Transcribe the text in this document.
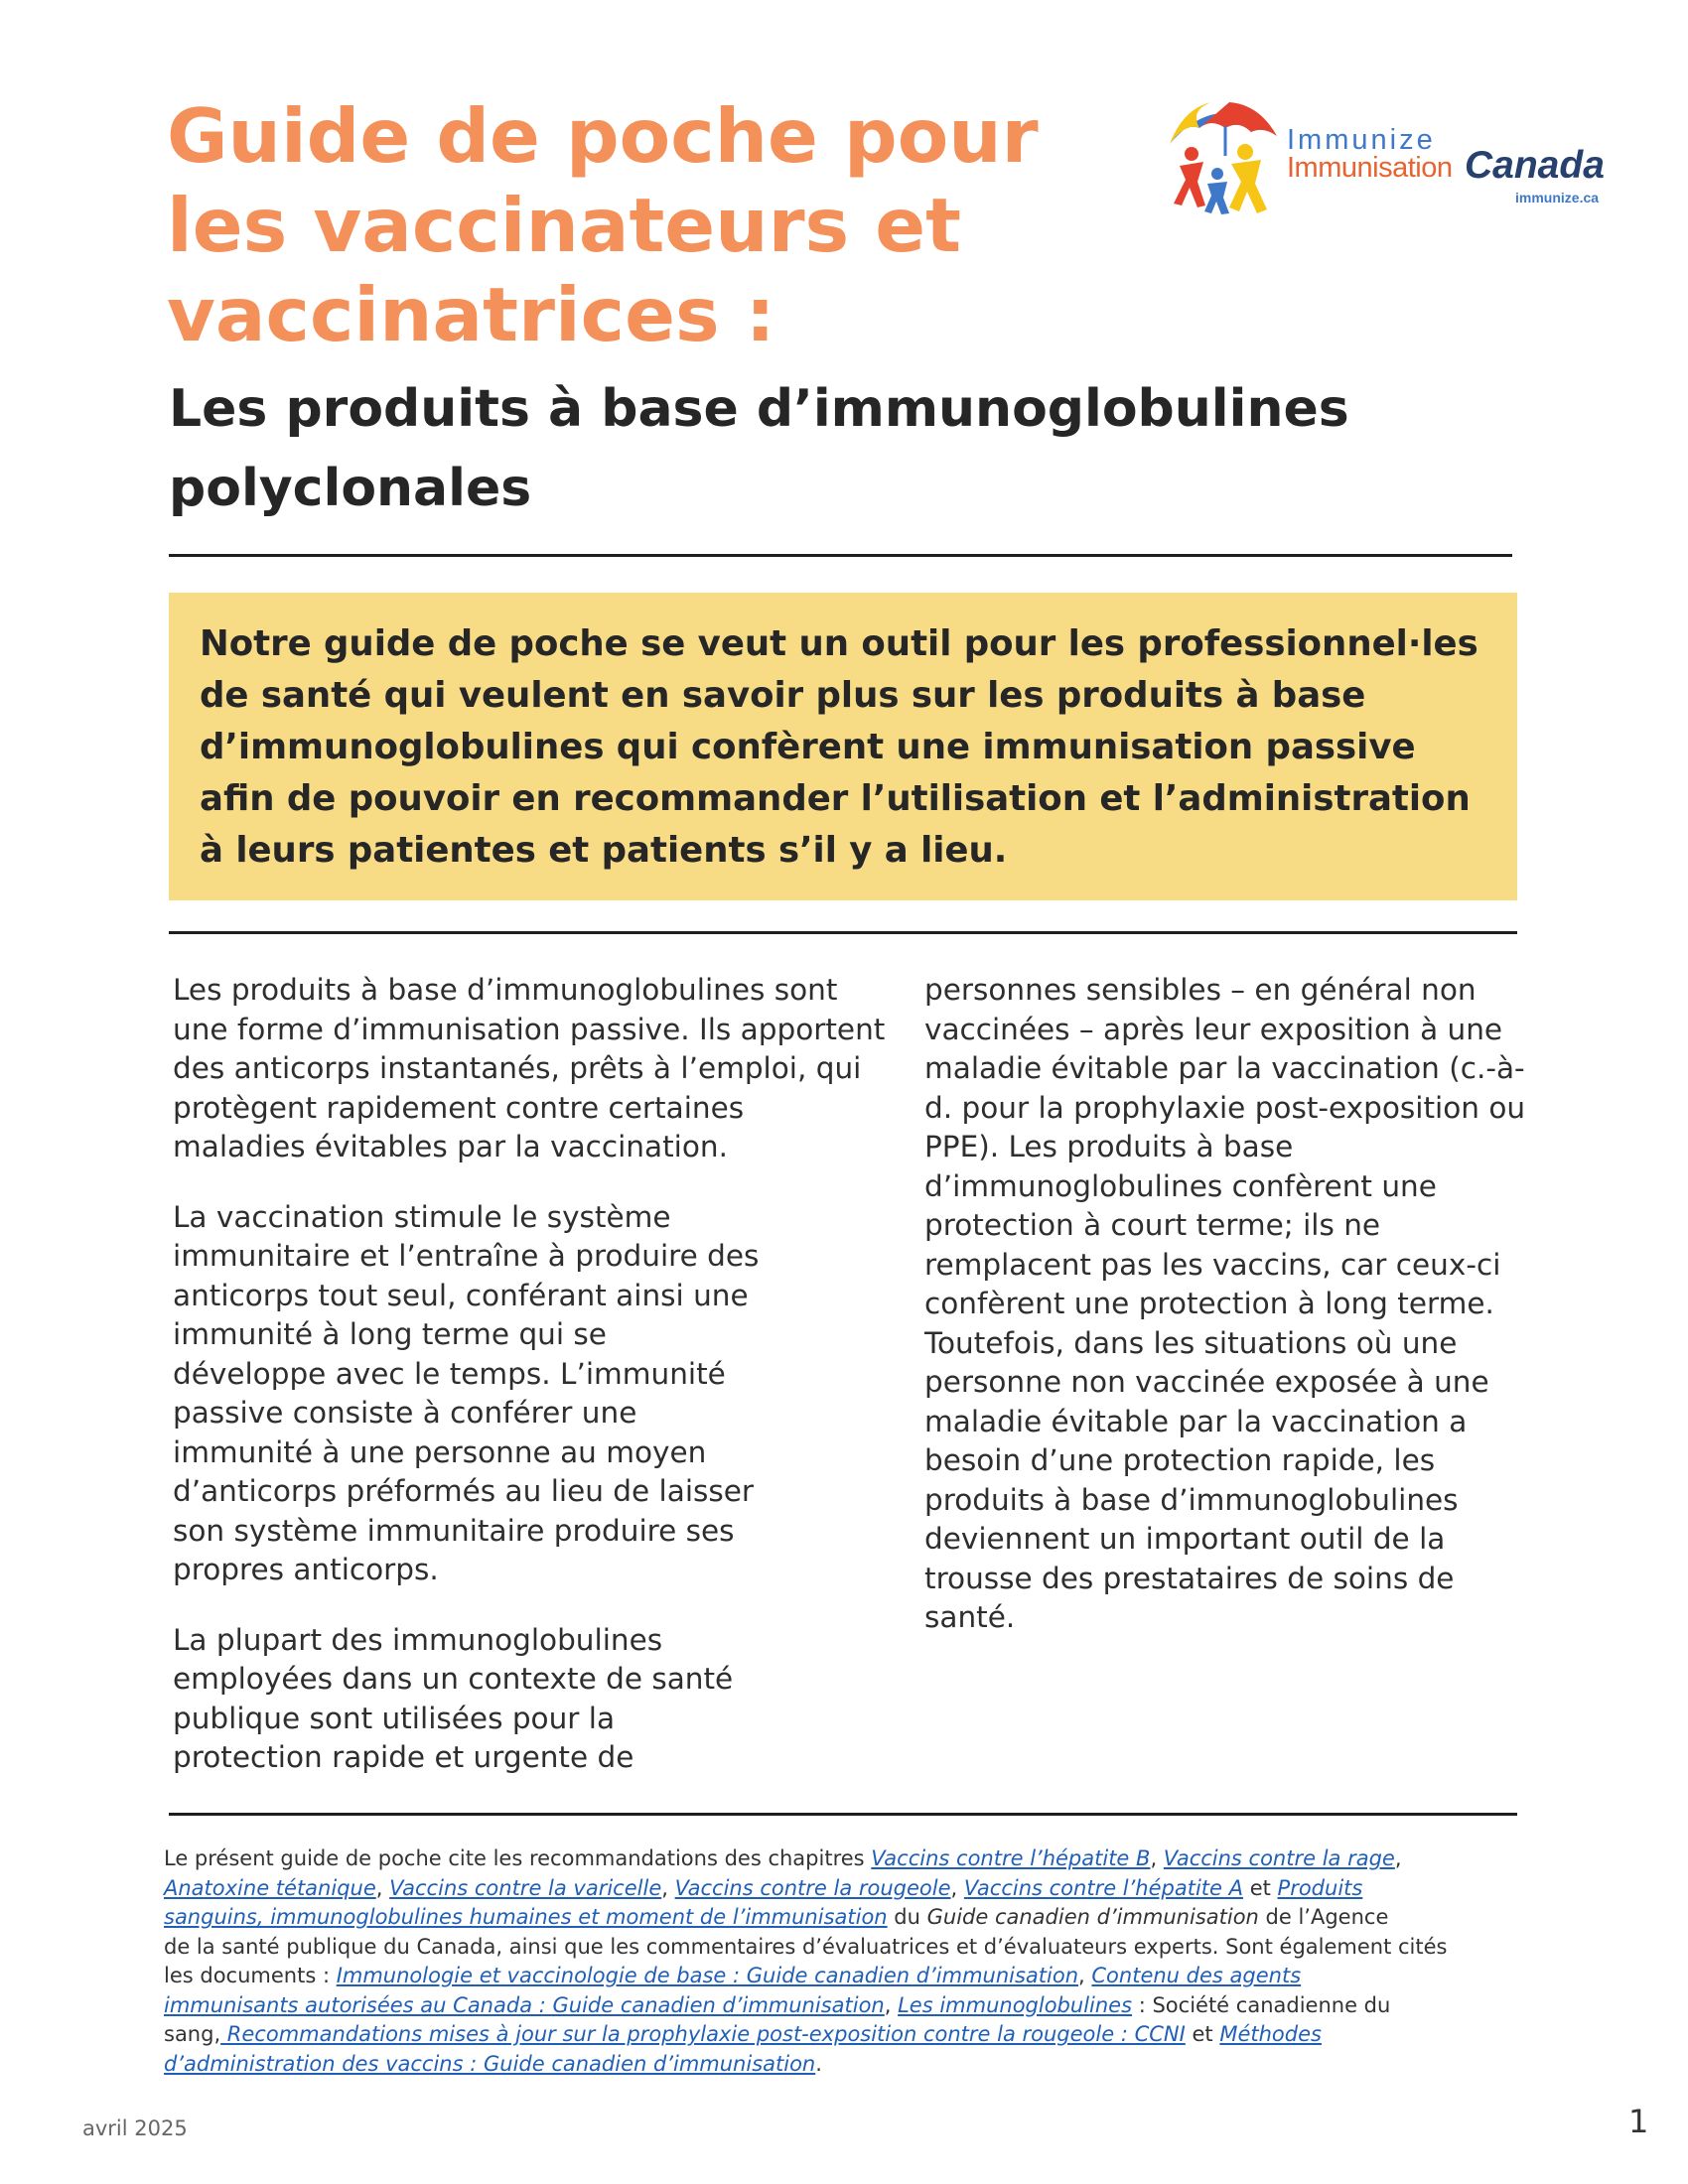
Guide de poche pour
les vaccinateurs et
vaccinatrices :
Immunize
Immunisation Canada
immunize.ca
Les produits à base d’immunoglobulines
polyclonales
Notre guide de poche se veut un outil pour les professionnel·les
de santé qui veulent en savoir plus sur les produits à base
d’immunoglobulines qui confèrent une immunisation passive
afin de pouvoir en recommander l’utilisation et l’administration
à leurs patientes et patients s’il y a lieu.
Les produits à base d’immunoglobulines sont
une forme d’immunisation passive. Ils apportent
des anticorps instantanés, prêts à l’emploi, qui
protègent rapidement contre certaines
maladies évitables par la vaccination.
La vaccination stimule le système
immunitaire et l’entraîne à produire des
anticorps tout seul, conférant ainsi une
immunité à long terme qui se
développe avec le temps. L’immunité
passive consiste à conférer une
immunité à une personne au moyen
d’anticorps préformés au lieu de laisser
son système immunitaire produire ses
propres anticorps.
La plupart des immunoglobulines
employées dans un contexte de santé
publique sont utilisées pour la
protection rapide et urgente de
personnes sensibles – en général non
vaccinées – après leur exposition à une
maladie évitable par la vaccination (c.-à-
d. pour la prophylaxie post-exposition ou
PPE). Les produits à base
d’immunoglobulines confèrent une
protection à court terme; ils ne
remplacent pas les vaccins, car ceux-ci
confèrent une protection à long terme.
Toutefois, dans les situations où une
personne non vaccinée exposée à une
maladie évitable par la vaccination a
besoin d’une protection rapide, les
produits à base d’immunoglobulines
deviennent un important outil de la
trousse des prestataires de soins de
santé.
Le présent guide de poche cite les recommandations des chapitres Vaccins contre l’hépatite B, Vaccins contre la rage,
Anatoxine tétanique, Vaccins contre la varicelle, Vaccins contre la rougeole, Vaccins contre l’hépatite A et Produits
sanguins, immunoglobulines humaines et moment de l’immunisation du Guide canadien d’immunisation de l’Agence
de la santé publique du Canada, ainsi que les commentaires d’évaluatrices et d’évaluateurs experts. Sont également cités
les documents : Immunologie et vaccinologie de base : Guide canadien d’immunisation, Contenu des agents
immunisants autorisées au Canada : Guide canadien d’immunisation, Les immunoglobulines : Société canadienne du
sang, Recommandations mises à jour sur la prophylaxie post-exposition contre la rougeole : CCNI et Méthodes
d’administration des vaccins : Guide canadien d’immunisation.
avril 2025	1
